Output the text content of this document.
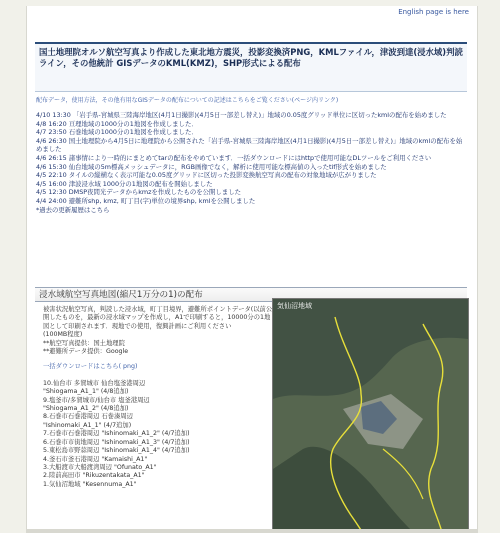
English page is here
国土地理院オルソ航空写真より作成した東北地方震災，投影変換済PNG，KMLファイル，津波到達(浸水域)判読ライン，その他統計 GISデータのKML(KMZ)，SHP形式による配布
配布データ，使用方法，その他有用なGISデータの配布についての記述はこちらをご覧ください(ページ内リンク)

4/10 13:30 「岩手県-宮城県三陸海岸地区(4月1日撮影)(4月5日一部差し替え)」地域の0.05度グリッド単位に区切ったkmlの配布を始めました

4/8 16:20 亘理地域の1000分の1地図を作成しました．

4/7 23:50 石巻地域の1000分の1地図を作成しました．

4/6 26:30 国土地理院から4月5日に地理院から公開された「岩手県-宮城県三陸海岸地区(4月1日撮影)(4月5日一部差し替え)」地域のkmlの配布を始めました

4/6 26:15 諸事情により一時的にまとめてtarの配布をやめています．一括ダウンロードにはhttpで使用可能なDLツールをご利用ください

4/6 15:30 仙台地域の5m標高メッシュデータに，RGB画像でなく，解析に使用可能な標高値の入ったtif形式を始めました

4/5 22:10 タイルの縦横なく表示可能な0.05度グリッドに区切った投影変換航空写真の配布の対象地域が広がりました

4/5 16:00 津波浸水域 1000分の1地図の配布を開始しました

4/5 12:30 DMSP夜間光データからkmzを作成したものを公開しました

4/4 24:00 避難所shp, kmz, 町丁目(字)単位の境界shp, kmlを公開しました

*過去の更新履歴はこちら

浸水域航空写真地図(縮尺1万分の1)の配布

被害状況航空写真，判読した浸水域，町丁目境界，避難所ポイントデータ(以前公開したものを，最新の浸水域マップを作成し，A1で印刷すると，10000分の1地図として印刷されます．現地での使用，復興計画にご利用ください

(100MB程度)

**航空写真提供：国土地理院

**避難所データ提供：Google

一括ダウンロードはこちら( png)

10.仙台市 多賀城市 仙台塩釜港周辺

"Shiogama_A1_1" (4/8追加)

9.塩釜市/多賀城市/仙台市 塩釜港周辺

"Shiogama_A1_2" (4/8追加)

8.石巻市石巻港周辺 石巻湊周辺

"Ishinomaki_A1_1" (4/7追加)

7.石巻市石巻港周辺 "Ishinomaki_A1_2" (4/7追加)

6.石巻市市街地周辺 "Ishinomaki_A1_3" (4/7追加)

5.東松島市野蒜周辺 "Ishinomaki_A1_4" (4/7追加)

4.釜石市釜石港周辺 "Kamaishi_A1"

3.大船渡市大船渡湾周辺 "Ofunato_A1"

2.陸前高田市 "Rikuzentakata_A1"

1.気仙沼地域 "Kesennuma_A1"

気仙沼地域
